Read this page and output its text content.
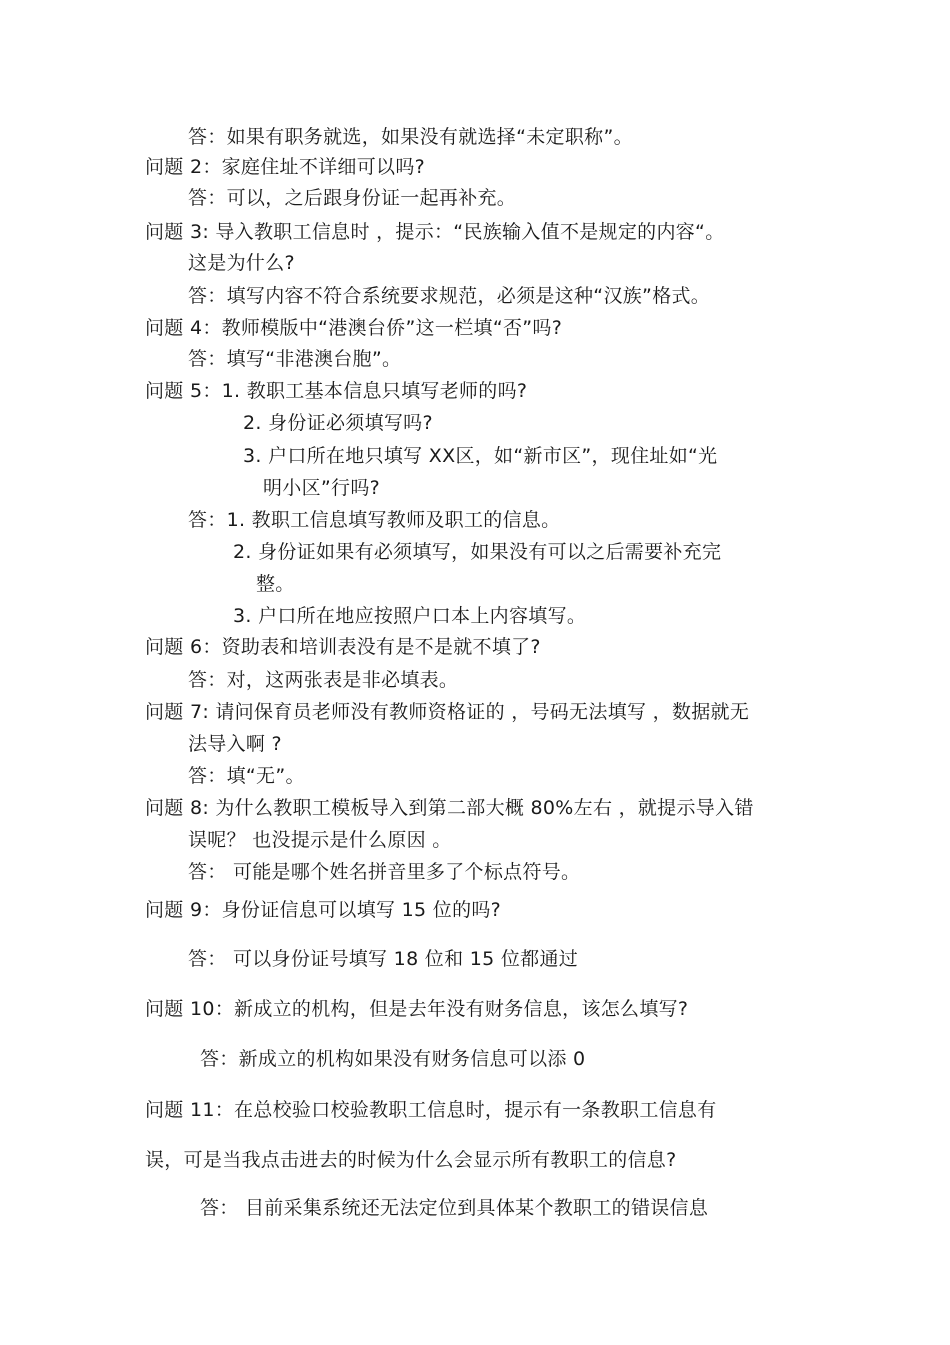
答：如果有职务就选，如果没有就选择“未定职称”。
问题 2：家庭住址不详细可以吗?
答：可以，之后跟身份证一起再补充。
问题 3: 导入教职工信息时 ，提示：“民族输入值不是规定的内容“。
这是为什么?
答：填写内容不符合系统要求规范，必须是这种“汉族”格式。
问题 4：教师模版中“港澳台侨”这一栏填“否”吗?
答：填写“非港澳台胞”。
问题 5：1. 教职工基本信息只填写老师的吗?
2. 身份证必须填写吗?
3. 户口所在地只填写 XX区，如“新市区”，现住址如“光
明小区”行吗?
答：1. 教职工信息填写教师及职工的信息。
2. 身份证如果有必须填写，如果没有可以之后需要补充完
整。
3. 户口所在地应按照户口本上内容填写。
问题 6：资助表和培训表没有是不是就不填了?
答：对，这两张表是非必填表。
问题 7: 请问保育员老师没有教师资格证的 ，号码无法填写 ，数据就无
法导入啊 ?
答：填“无”。
问题 8: 为什么教职工模板导入到第二部大概 80%左右 ，就提示导入错
误呢？ 也没提示是什么原因 。
答： 可能是哪个姓名拼音里多了个标点符号。
问题 9：身份证信息可以填写 15 位的吗?
答： 可以身份证号填写 18 位和 15 位都通过
问题 10：新成立的机构，但是去年没有财务信息，该怎么填写?
答：新成立的机构如果没有财务信息可以添 0
问题 11：在总校验口校验教职工信息时，提示有一条教职工信息有
误，可是当我点击进去的时候为什么会显示所有教职工的信息?
答： 目前采集系统还无法定位到具体某个教职工的错误信息
